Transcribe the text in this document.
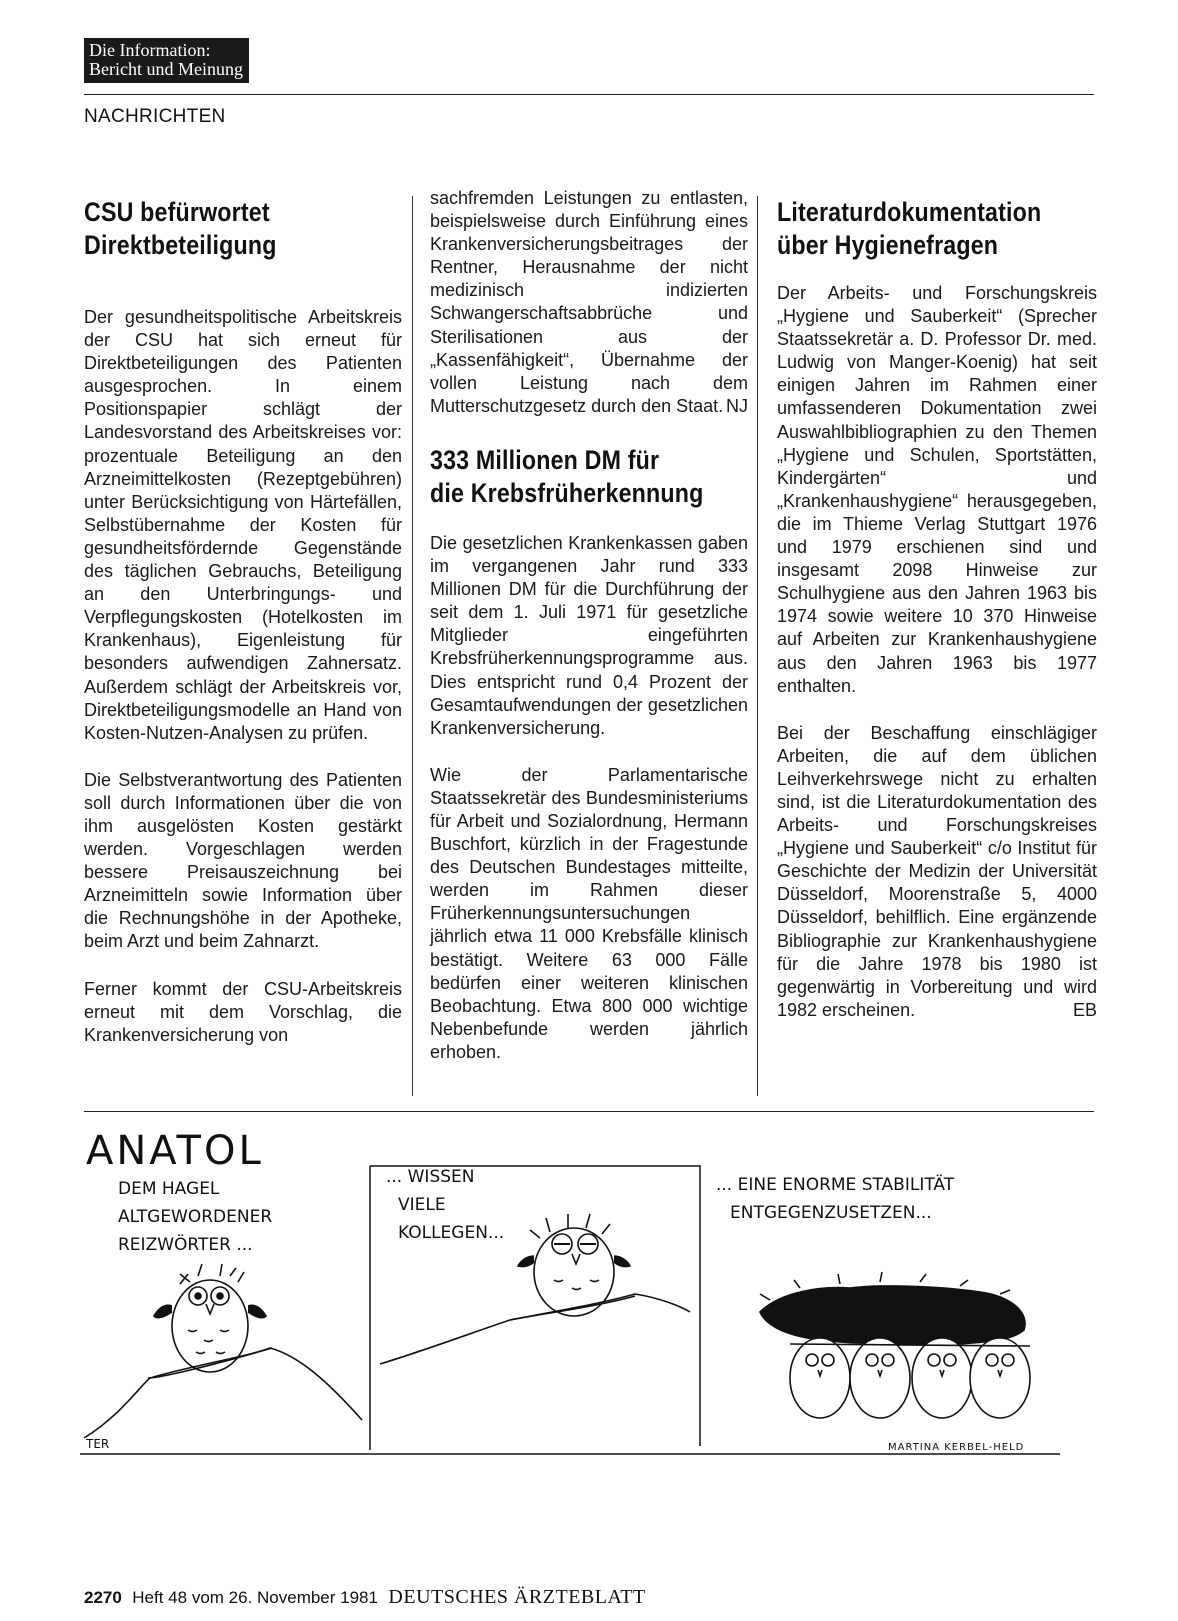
Die Information:
Bericht und Meinung
NACHRICHTEN
CSU befürwortet
Direktbeteiligung

Der gesundheitspolitische Arbeitskreis der CSU hat sich erneut für Direktbeteiligungen des Patienten ausgesprochen. In einem Positionspapier schlägt der Landesvorstand des Arbeitskreises vor: prozentuale Beteiligung an den Arzneimittelkosten (Rezeptgebühren) unter Berücksichtigung von Härtefällen, Selbstübernahme der Kosten für gesundheitsfördernde Gegenstände des täglichen Gebrauchs, Beteiligung an den Unterbringungs- und Verpflegungskosten (Hotelkosten im Krankenhaus), Eigenleistung für besonders aufwendigen Zahnersatz. Außerdem schlägt der Arbeitskreis vor, Direktbeteiligungsmodelle an Hand von Kosten-Nutzen-Analysen zu prüfen.

Die Selbstverantwortung des Patienten soll durch Informationen über die von ihm ausgelösten Kosten gestärkt werden. Vorgeschlagen werden bessere Preisauszeichnung bei Arzneimitteln sowie Information über die Rechnungshöhe in der Apotheke, beim Arzt und beim Zahnarzt.

Ferner kommt der CSU-Arbeitskreis erneut mit dem Vorschlag, die Krankenversicherung von

sachfremden Leistungen zu entlasten, beispielsweise durch Einführung eines Krankenversicherungsbeitrages der Rentner, Herausnahme der nicht medizinisch indizierten Schwangerschaftsabbrüche und Sterilisationen aus der „Kassenfähigkeit“, Übernahme der vollen Leistung nach dem Mutterschutzgesetz durch den Staat. NJ

333 Millionen DM für
die Krebsfrüherkennung

Die gesetzlichen Krankenkassen gaben im vergangenen Jahr rund 333 Millionen DM für die Durchführung der seit dem 1. Juli 1971 für gesetzliche Mitglieder eingeführten Krebsfrüherkennungsprogramme aus. Dies entspricht rund 0,4 Prozent der Gesamtaufwendungen der gesetzlichen Krankenversicherung.

Wie der Parlamentarische Staatssekretär des Bundesministeriums für Arbeit und Sozialordnung, Hermann Buschfort, kürzlich in der Fragestunde des Deutschen Bundestages mitteilte, werden im Rahmen dieser Früherkennungsuntersuchungen jährlich etwa 11 000 Krebsfälle klinisch bestätigt. Weitere 63 000 Fälle bedürfen einer weiteren klinischen Beobachtung. Etwa 800 000 wichtige Nebenbefunde werden jährlich erhoben.

Literaturdokumentation
über Hygienefragen

Der Arbeits- und Forschungskreis „Hygiene und Sauberkeit“ (Sprecher Staatssekretär a. D. Professor Dr. med. Ludwig von Manger-Koenig) hat seit einigen Jahren im Rahmen einer umfassenderen Dokumentation zwei Auswahlbibliographien zu den Themen „Hygiene und Schulen, Sportstätten, Kindergärten“ und „Krankenhaushygiene“ herausgegeben, die im Thieme Verlag Stuttgart 1976 und 1979 erschienen sind und insgesamt 2098 Hinweise zur Schulhygiene aus den Jahren 1963 bis 1974 sowie weitere 10 370 Hinweise auf Arbeiten zur Krankenhaushygiene aus den Jahren 1963 bis 1977 enthalten.

Bei der Beschaffung einschlägiger Arbeiten, die auf dem üblichen Leihverkehrswege nicht zu erhalten sind, ist die Literaturdokumentation des Arbeits- und Forschungskreises „Hygiene und Sauberkeit“ c/o Institut für Geschichte der Medizin der Universität Düsseldorf, Moorenstraße 5, 4000 Düsseldorf, behilflich. Eine ergänzende Bibliographie zur Krankenhaushygiene für die Jahre 1978 bis 1980 ist gegenwärtig in Vorbereitung und wird 1982 erscheinen.	EB

ANATOL
DEM HAGEL
ALTGEWORDENER
REIZWÖRTER ...
... WISSEN
VIELE
KOLLEGEN...
... EINE ENORME STABILITÄT
ENTGEGENZUSETZEN...
TER	MARTINA KERBEL-HELD
2270 Heft 48 vom 26. November 1981 DEUTSCHES ÄRZTEBLATT
